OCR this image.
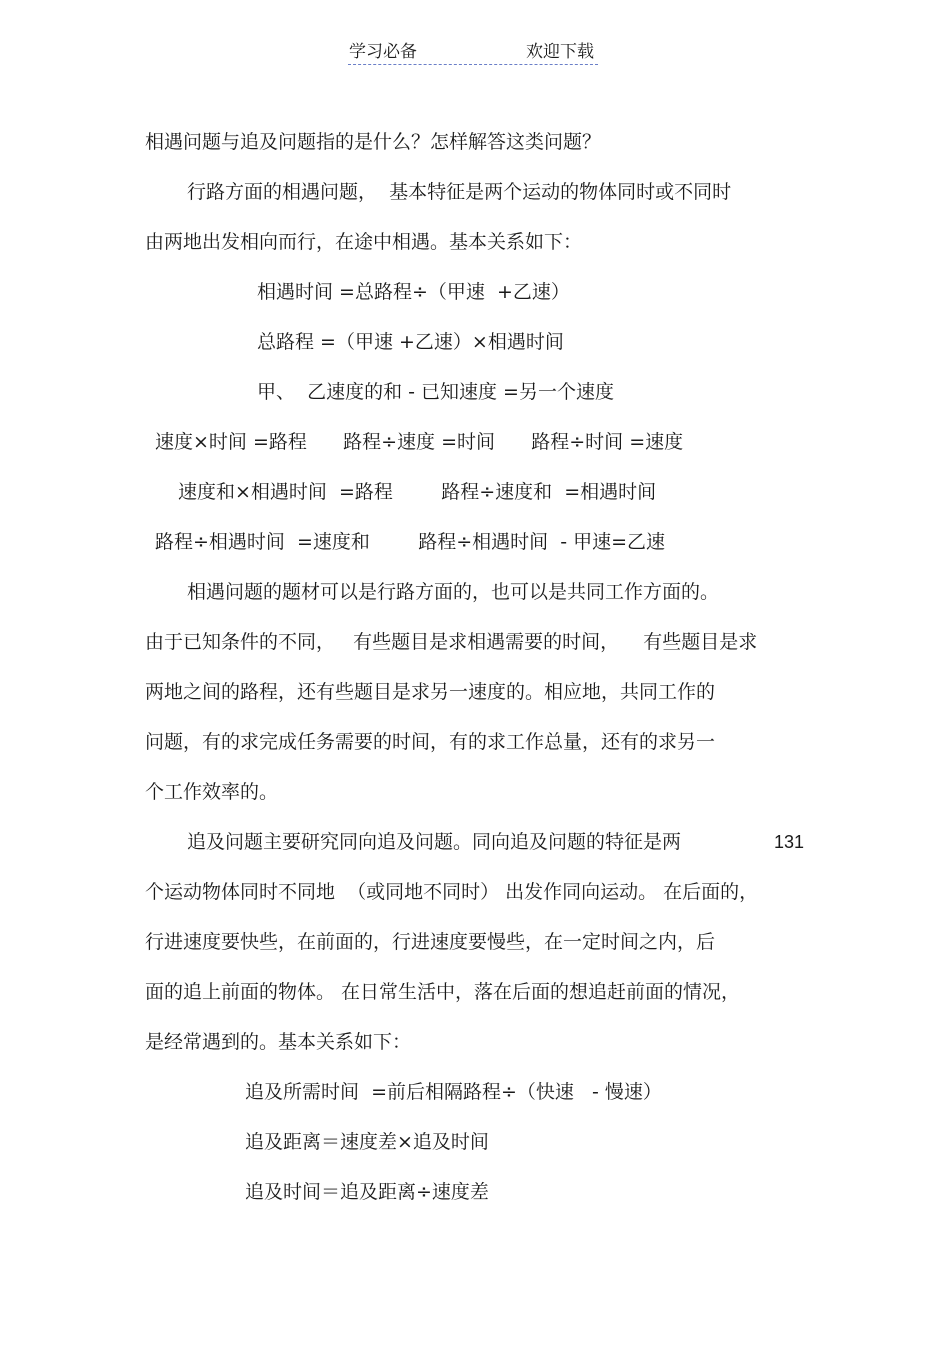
学习必备	欢迎下载
相遇问题与追及问题指的是什么？怎样解答这类问题？
行路方面的相遇问题，  基本特征是两个运动的物体同时或不同时
由两地出发相向而行，在途中相遇。基本关系如下：
相遇时间 =总路程÷（甲速  +乙速）
总路程 =（甲速 +乙速）×相遇时间
甲、  乙速度的和 - 已知速度 =另一个速度
速度×时间 =路程      路程÷速度 =时间      路程÷时间 =速度
速度和×相遇时间  =路程        路程÷速度和  =相遇时间
路程÷相遇时间  =速度和        路程÷相遇时间  - 甲速=乙速
相遇问题的题材可以是行路方面的，也可以是共同工作方面的。
由于已知条件的不同，   有些题目是求相遇需要的时间，    有些题目是求
两地之间的路程，还有些题目是求另一速度的。相应地，共同工作的
问题，有的求完成任务需要的时间，有的求工作总量，还有的求另一
个工作效率的。
追及问题主要研究同向追及问题。同向追及问题的特征是两	131
个运动物体同时不同地  （或同地不同时） 出发作同向运动。 在后面的，
行进速度要快些，在前面的，行进速度要慢些，在一定时间之内，后
面的追上前面的物体。 在日常生活中，落在后面的想追赶前面的情况，
是经常遇到的。基本关系如下：
追及所需时间  =前后相隔路程÷（快速   - 慢速）
追及距离＝速度差×追及时间
追及时间＝追及距离÷速度差
